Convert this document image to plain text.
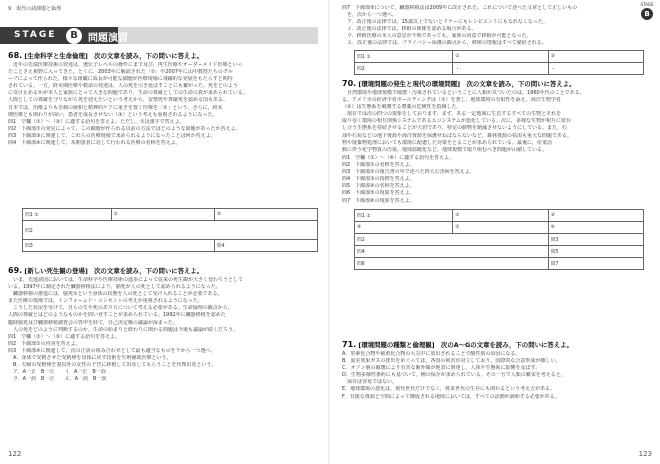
9　現代の諸課題と倫理
STAGE	B	問題演習
68. [生命科学と生命倫理]　次の文章を読み，下の問いに答えよ。
　近年の先端医療技術の発達は，遺伝子レベルの操作にまで及び，再生医療やオーダーメイド医療といっ
たことさえ視野に入ってきた。とくに，2003年に解読された「①」や2007年に山中教授たちのグル
ープによって作られた，様々な組織に成長が可能な細胞が医療現場に飛躍的な発展をもたらすと期待
されている。一方，終末期医療や救命の発達は，人の死を引き延ばすことにも繋がった。死をどのよう
に受け止めるかが本人と家族にとって大きな問題であり，生命の尊厳としての生命の質が求められている。
人間としての尊厳を守りながら死を迎えたいという考えから，安楽死や尊厳死を認める国もある。
日本では，治療よりも苦痛の緩和と精神的ケアに重きを置く医療を「②」という。さらに，終末
期医療とも関わりが深い，患者を成長させない（③）という考えも重視されるようになった。
問1　空欄（①）～（③）に適する語句を答えよ。ただし，①は漢字で答えよ。
問2　下線部①の発見によって，この細胞が作られる以前の方法ではどのような問題があったか答えよ。
問3　下線部③に関連して，これらの医療現場で求められるようになったことは何か答えよ。
問4　下線部④に関連して，末期患者に対して行われる医療の名称を答えよ。
問1 ①	②	③
問2		
問3		問4
69. [新しい死生観の登場]　次の文章を読み，下の問いに答えよ。
　いま，先進諸国においては，生命科学や医療技術の進歩によって従来の死生観が大きく変わろうとして
いる。1997年に制定された臓器移植法により，脳死が人の死として認められるようになった。
　臓器移植の推進には，脳死①という身体の状態を人の死として受け入れることが必要である。
また医療の現場では，インフォームド・コンセントの考えが重視されるようになった。
　こうした状況を受けて，自らの生や死のあり方について考える必要がある。生命倫理の観点から，
人間の尊厳とはどのようなものかを問い直すことが求められている。1992年に臓器移植を認めた
臨時脳死及び臓器移植調査会の答申を経て，自己決定権の議論が深まった。
　人の死をどのように判断するのか，生命の始まりと終わりに関わる問題は今後も議論が続くだろう。
問1　空欄（①）～（③）に適する語句を答えよ。
問2　下線部①の内容を答えよ。
問3　下線部④に関連して，次の正誤の組み合わせとして最も適当なものを下から一つ選べ。
　A．身体で受精させた受精卵を母体に戻す技術を生殖補助医療という。
　B．夫婦の受精卵を妻以外の女性の子宮に移植して出産してもらうことを代理出産という。
　ア．A一正　B一正　　イ．A一正　B一誤
　ウ．A一誤　B一正　　エ．A一誤　B一誤
122
STAGE
B
問7　下線部⑤について，臓器移植法は2009年に改正された。これについて述べた文章として正しいもの
　を，次から一つ選べ。
　ア．改正後の法律では，15歳以上でないとドナーにもレシピエントにもなれなくなった。
　イ．改正後の法律では，移植の関係を認める場合がある。
　ウ．移植医療の本人の意思が不明であっても，家族の同意で移植が可能となった。
　エ．改正後の法律では，プライバシー保護の観点から，移植の情報はすべて秘匿される。
問1 ①	②	③
問2	・	・
70. [環境問題の発生と現代の環境問題]　次の文章を読み，下の問いに答えよ。
　自然環境や地球規模で破壊・汚染されているということに人類が気づいたのは，1960年代のことである。
る。アメリカの経済学者ボールディングは（①）を著し，地球環境の有限性を訴え，海洋生物学者
（②）は生態系を破壊する農薬の危険性を指摘した。
　現在では次の四つの現象をしております。まず，ある一定地域に生息するすべての生物とそれを
取り巻く環境の相互関係システムであるエコシステムが悪化している。次に，多様な生物が相互に依存
し合う生態系を持続させることが大切であり，特定の動物を絶滅させないようにしている。また，石
油や石炭などの地下資源や海洋資源を保護せねばならないなど，森林資源の枯渇も重大な問題である。
物や廃棄物処理においても環境に配慮した対策をとることが求められている。最後に，産業活
動に伴う化学物質の汚染，地球温暖化など，地球規模で取り組むべき問題が山積している。
問1　空欄（①）～（⑥）に適する語句を答えよ。
問2　下線部①の名称を答えよ。
問3　下線部②の報告書の中で述べた四大公害病を答えよ。
問4　下線部③の指標を答えよ。
問5　下線部④の名称を答えよ。
問6　下線部⑤の現象を答えよ。
問7　下線部⑥の現象を答えよ。
問1 ①	②	③
④	⑤	⑥
問2		問3
問4		問5
問6		問7
71. [環境問題の種類と倫理観]　次のA～Gの文章を読み，下の問いに答えよ。
A．窒素化合物や硫黄化合物の大気中に放出されることで酸性雨の原因になる。
B．温室効果ガスの排出をめぐっては，各国の利害が対立しており，国際的な合意形成が難しい。
C．オゾン層の破壊により有害な紫外線が地表に到達し，人体や生態系に影響を及ぼす。
D．生物多様性条約にも基づいて，種の保存が求められている。その一方で人類の繁栄を考えると，
　保存は容易ではない。
E．地球環境の悪化は，現代世代だけでなく，将来世代の生存にも関わるという考え方がある。
F．有限な資源と空間によって構成される地球においては，すべての活動が調和する必要がある。
123
